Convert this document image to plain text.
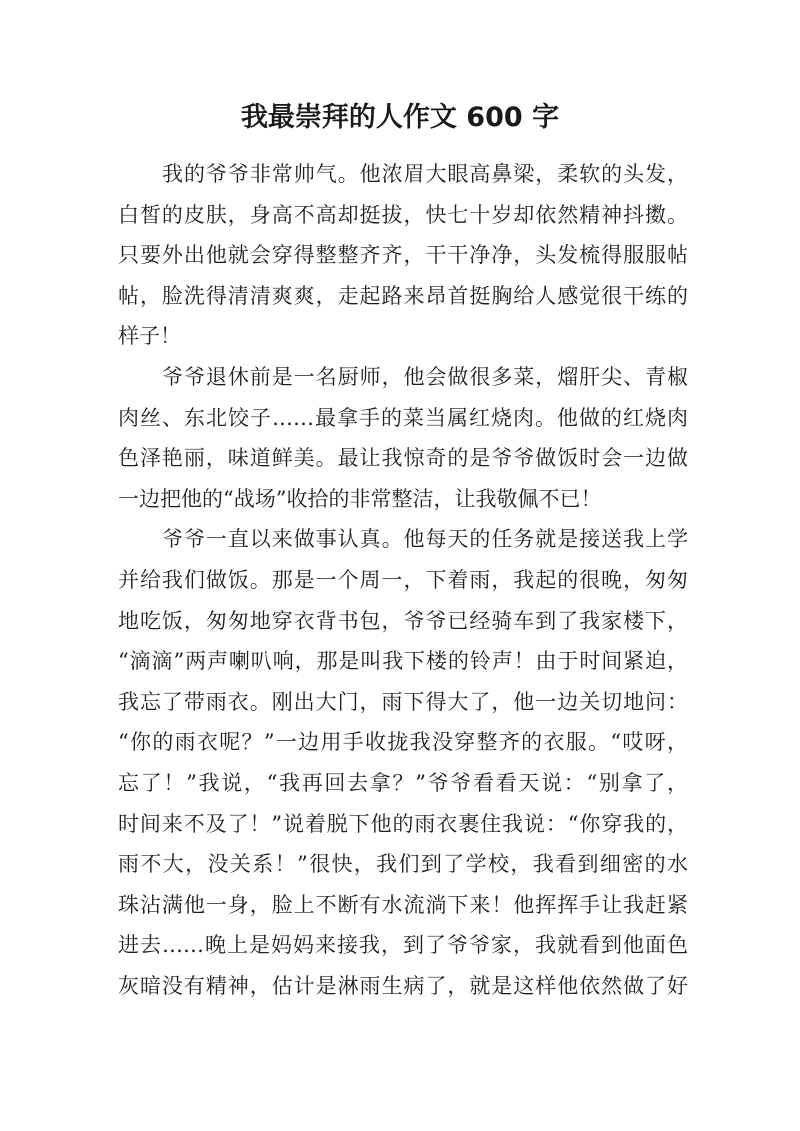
我最崇拜的人作文 600 字
我的爷爷非常帅气。他浓眉大眼高鼻梁，柔软的头发，
白皙的皮肤，身高不高却挺拔，快七十岁却依然精神抖擞。
只要外出他就会穿得整整齐齐，干干净净，头发梳得服服帖
帖，脸洗得清清爽爽，走起路来昂首挺胸给人感觉很干练的
样子！
爷爷退休前是一名厨师，他会做很多菜，熘肝尖、青椒
肉丝、东北饺子……最拿手的菜当属红烧肉。他做的红烧肉
色泽艳丽，味道鲜美。最让我惊奇的是爷爷做饭时会一边做
一边把他的“战场”收拾的非常整洁，让我敬佩不已！
爷爷一直以来做事认真。他每天的任务就是接送我上学
并给我们做饭。那是一个周一，下着雨，我起的很晚，匆匆
地吃饭，匆匆地穿衣背书包，爷爷已经骑车到了我家楼下，
“滴滴”两声喇叭响，那是叫我下楼的铃声！由于时间紧迫，
我忘了带雨衣。刚出大门，雨下得大了，他一边关切地问：
“你的雨衣呢？”一边用手收拢我没穿整齐的衣服。“哎呀，
忘了！”我说，“我再回去拿？”爷爷看看天说：“别拿了，
时间来不及了！”说着脱下他的雨衣裹住我说：“你穿我的，
雨不大，没关系！”很快，我们到了学校，我看到细密的水
珠沾满他一身，脸上不断有水流淌下来！他挥挥手让我赶紧
进去……晚上是妈妈来接我，到了爷爷家，我就看到他面色
灰暗没有精神，估计是淋雨生病了，就是这样他依然做了好
